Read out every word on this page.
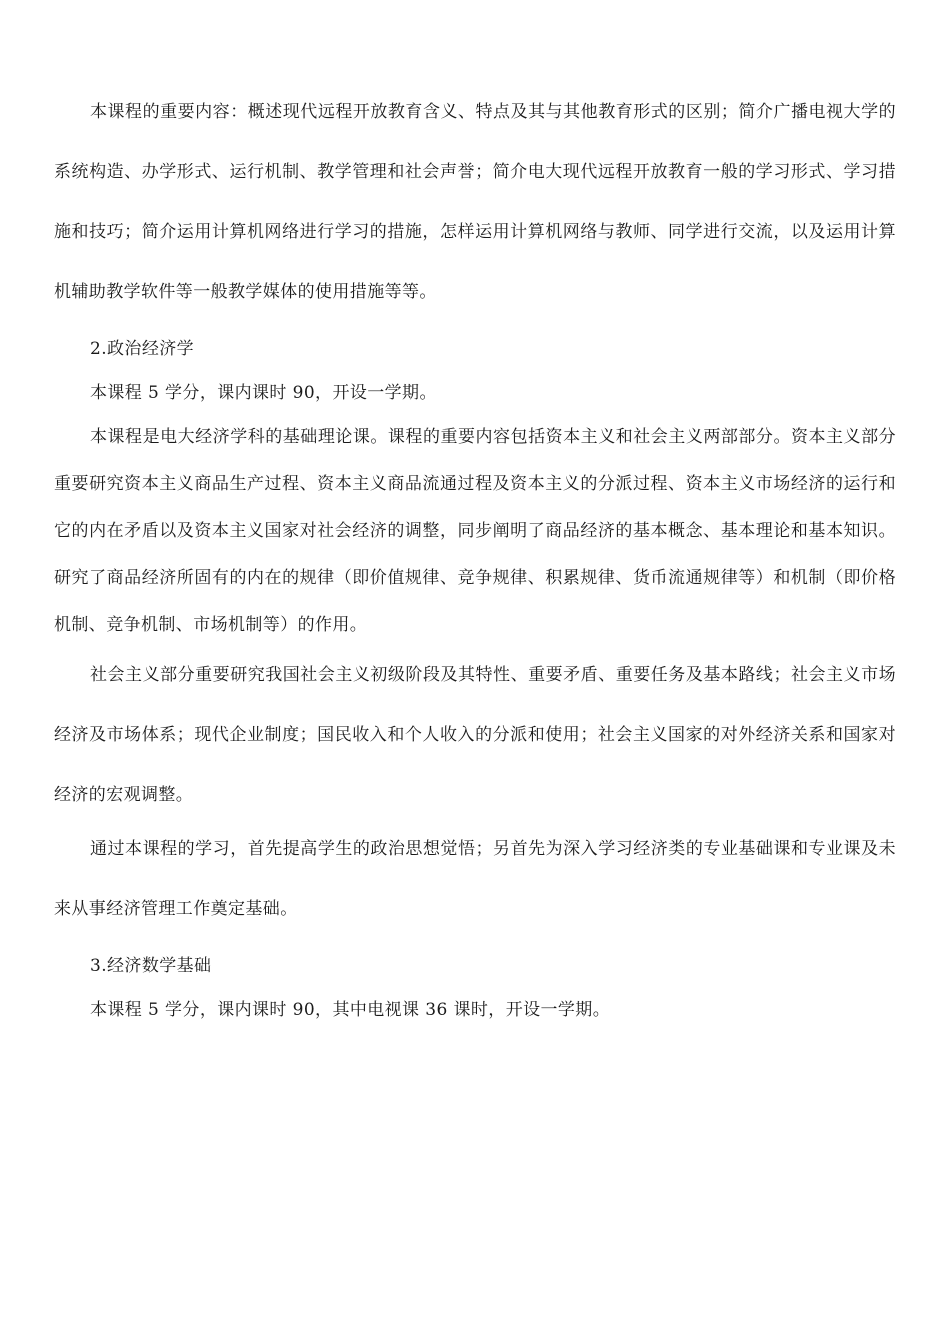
本课程的重要内容：概述现代远程开放教育含义、特点及其与其他教育形式的区别；简介广播电视大学的系统构造、办学形式、运行机制、教学管理和社会声誉；简介电大现代远程开放教育一般的学习形式、学习措施和技巧；简介运用计算机网络进行学习的措施，怎样运用计算机网络与教师、同学进行交流，以及运用计算机辅助教学软件等一般教学媒体的使用措施等等。

2.政治经济学

本课程 5 学分，课内课时 90，开设一学期。

本课程是电大经济学科的基础理论课。课程的重要内容包括资本主义和社会主义两部部分。资本主义部分重要研究资本主义商品生产过程、资本主义商品流通过程及资本主义的分派过程、资本主义市场经济的运行和它的内在矛盾以及资本主义国家对社会经济的调整，同步阐明了商品经济的基本概念、基本理论和基本知识。研究了商品经济所固有的内在的规律（即价值规律、竞争规律、积累规律、货币流通规律等）和机制（即价格机制、竞争机制、市场机制等）的作用。

社会主义部分重要研究我国社会主义初级阶段及其特性、重要矛盾、重要任务及基本路线；社会主义市场经济及市场体系；现代企业制度；国民收入和个人收入的分派和使用；社会主义国家的对外经济关系和国家对经济的宏观调整。

通过本课程的学习，首先提高学生的政治思想觉悟；另首先为深入学习经济类的专业基础课和专业课及未来从事经济管理工作奠定基础。

3.经济数学基础

本课程 5 学分，课内课时 90，其中电视课 36 课时，开设一学期。
